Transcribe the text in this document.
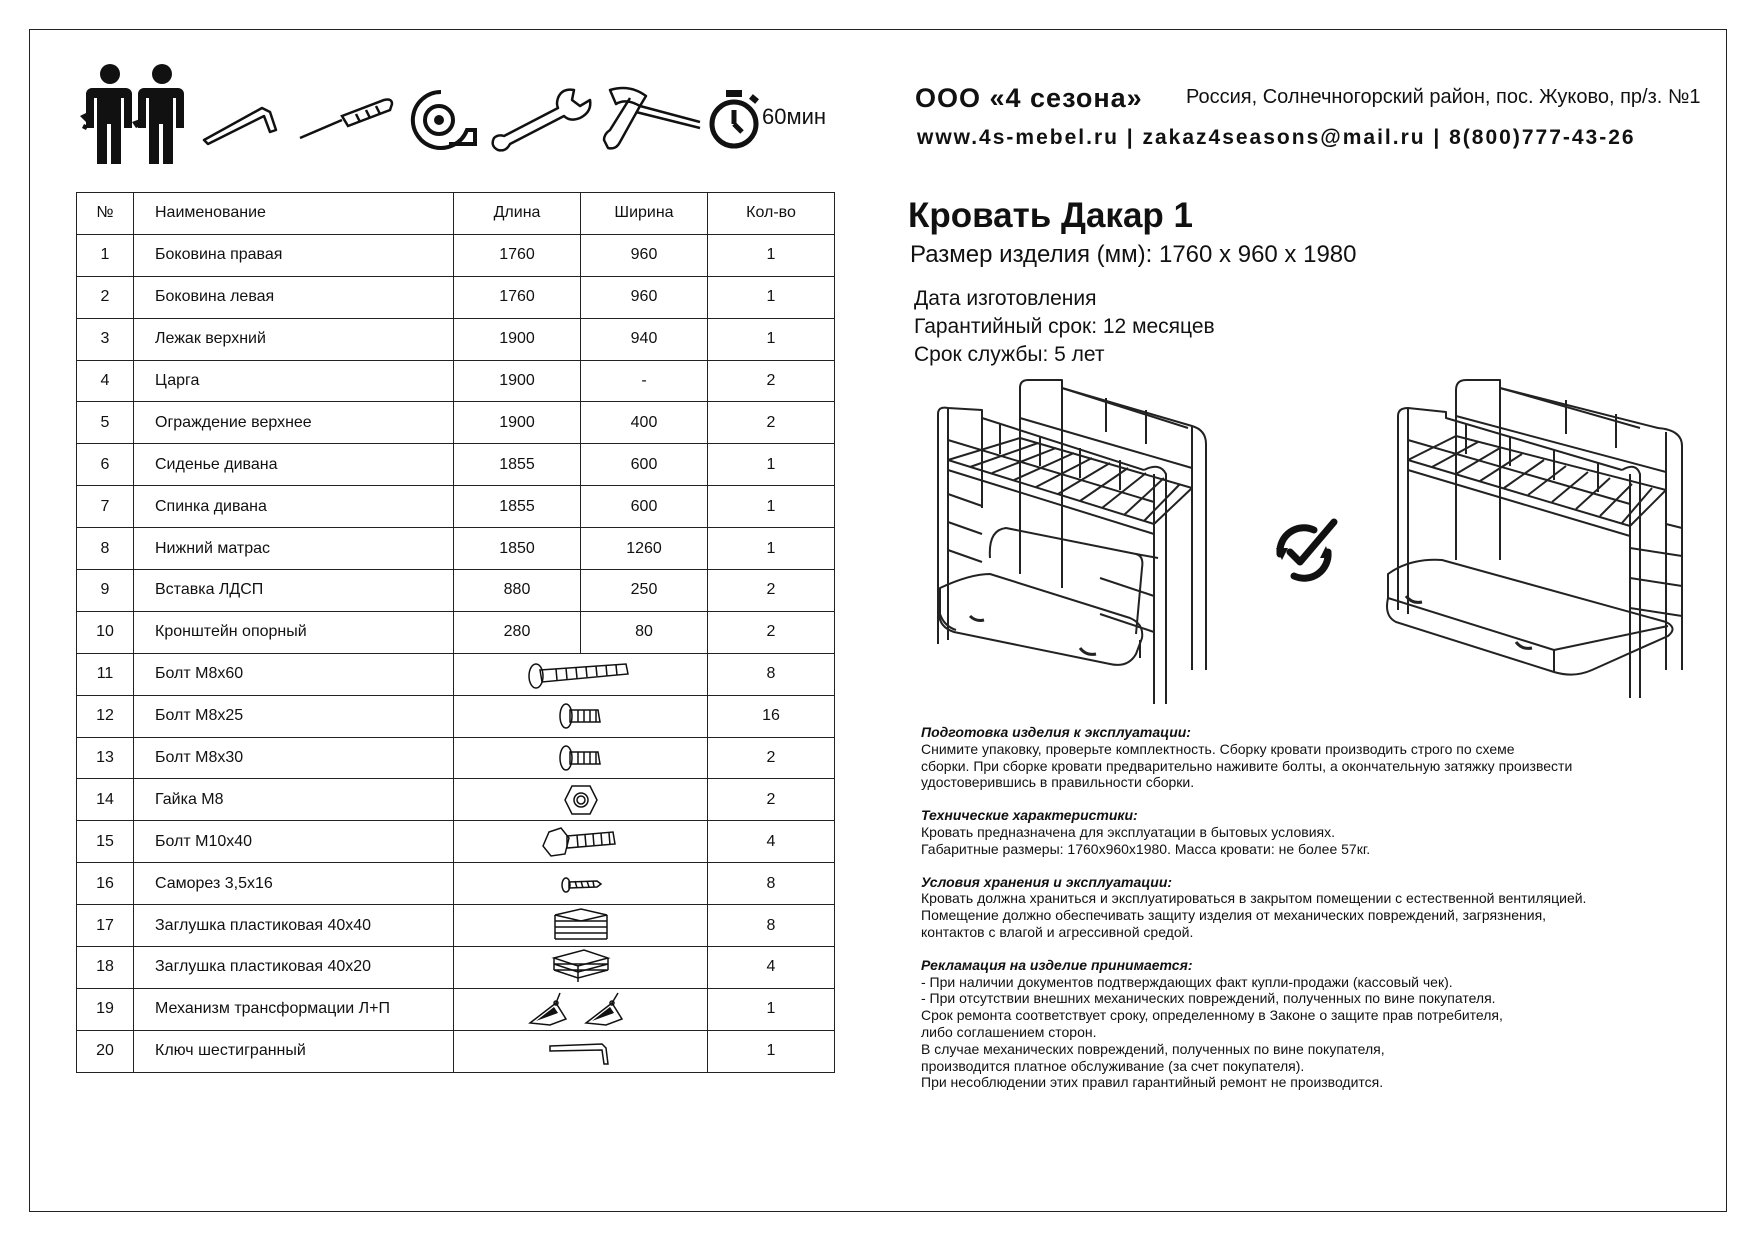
60мин
ООО «4 сезона» Россия, Солнечногорский район, пос. Жуково, пр/з. №1
www.4s-mebel.ru | zakaz4seasons@mail.ru | 8(800)777-43-26
Кровать Дакар 1
Размер изделия (мм): 1760 х 960 х 1980
Дата изготовления
Гарантийный срок: 12 месяцев
Срок службы: 5 лет
№	Наименование	Длина	Ширина	Кол-во
1	Боковина правая	1760	960	1
2	Боковина левая	1760	960	1
3	Лежак верхний	1900	940	1
4	Царга	1900	-	2
5	Ограждение верхнее	1900	400	2
6	Сиденье дивана	1855	600	1
7	Спинка дивана	1855	600	1
8	Нижний матрас	1850	1260	1
9	Вставка ЛДСП	880	250	2
10	Кронштейн опорный	280	80	2
11	Болт М8х60			8
12	Болт М8х25			16
13	Болт М8х30			2
14	Гайка М8			2
15	Болт М10х40			4
16	Саморез 3,5х16			8
17	Заглушка пластиковая 40х40			8
18	Заглушка пластиковая 40х20			4
19	Механизм трансформации Л+П			1
20	Ключ шестигранный			1
Подготовка изделия к эксплуатации:
Снимите упаковку, проверьте комплектность. Сборку кровати производить строго по схеме
сборки. При сборке кровати предварительно наживите болты, а окончательную затяжку произвести
удостоверившись в правильности сборки.
Технические характеристики:
Кровать предназначена для эксплуатации в бытовых условиях.
Габаритные размеры: 1760х960х1980. Масса кровати: не более 57кг.
Условия хранения и эксплуатации:
Кровать должна храниться и эксплуатироваться в закрытом помещении с естественной вентиляцией.
Помещение должно обеспечивать защиту изделия от механических повреждений, загрязнения,
контактов с влагой и агрессивной средой.
Рекламация на изделие принимается:
- При наличии документов подтверждающих факт купли-продажи (кассовый чек).
- При отсутствии внешних механических повреждений, полученных по вине покупателя.
Срок ремонта соответствует сроку, определенному в Законе о защите прав потребителя,
либо соглашением сторон.
В случае механических повреждений, полученных по вине покупателя,
производится платное обслуживание (за счет покупателя).
При несоблюдении этих правил гарантийный ремонт не производится.
